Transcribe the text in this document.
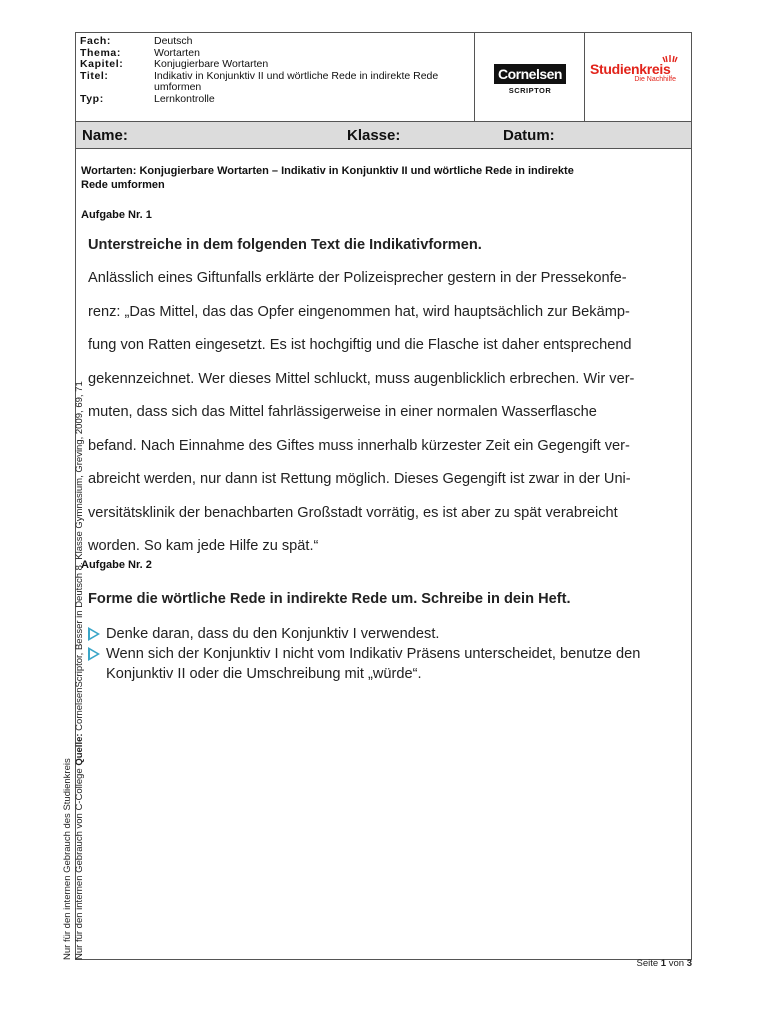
Fach:	Deutsch
Thema:	Wortarten
Kapitel:	Konjugierbare Wortarten
Titel:	Indikativ in Konjunktiv II und wörtliche Rede in indirekte Rede
umformen
Typ:	Lernkontrolle
Cornelsen
SCRIPTOR
Studienkreis
Die Nachhilfe
Name:	Klasse:	Datum:
Wortarten: Konjugierbare Wortarten – Indikativ in Konjunktiv II und wörtliche Rede in indirekte
Rede umformen
Aufgabe Nr. 1
Unterstreiche in dem folgenden Text die Indikativformen.
Anlässlich eines Giftunfalls erklärte der Polizeisprecher gestern in der Pressekonfe-
renz: „Das Mittel, das das Opfer eingenommen hat, wird hauptsächlich zur Bekämp-
fung von Ratten eingesetzt. Es ist hochgiftig und die Flasche ist daher entsprechend
gekennzeichnet. Wer dieses Mittel schluckt, muss augenblicklich erbrechen. Wir ver-
muten, dass sich das Mittel fahrlässigerweise in einer normalen Wasserflasche
befand. Nach Einnahme des Giftes muss innerhalb kürzester Zeit ein Gegengift ver-
abreicht werden, nur dann ist Rettung möglich. Dieses Gegengift ist zwar in der Uni-
versitätsklinik der benachbarten Großstadt vorrätig, es ist aber zu spät verabreicht
worden. So kam jede Hilfe zu spät.“
Aufgabe Nr. 2
Forme die wörtliche Rede in indirekte Rede um. Schreibe in dein Heft.
Denke daran, dass du den Konjunktiv I verwendest.
Wenn sich der Konjunktiv I nicht vom Indikativ Präsens unterscheidet, benutze den
Konjunktiv II oder die Umschreibung mit „würde“.
Nur für den internen Gebrauch des Studienkreis Nur für den internen Gebrauch von C-College Quelle: CornelsenScriptor, Besser in Deutsch 8. Klasse Gymnasium, Greving, 2009, 69, 71
Seite 1 von 3
